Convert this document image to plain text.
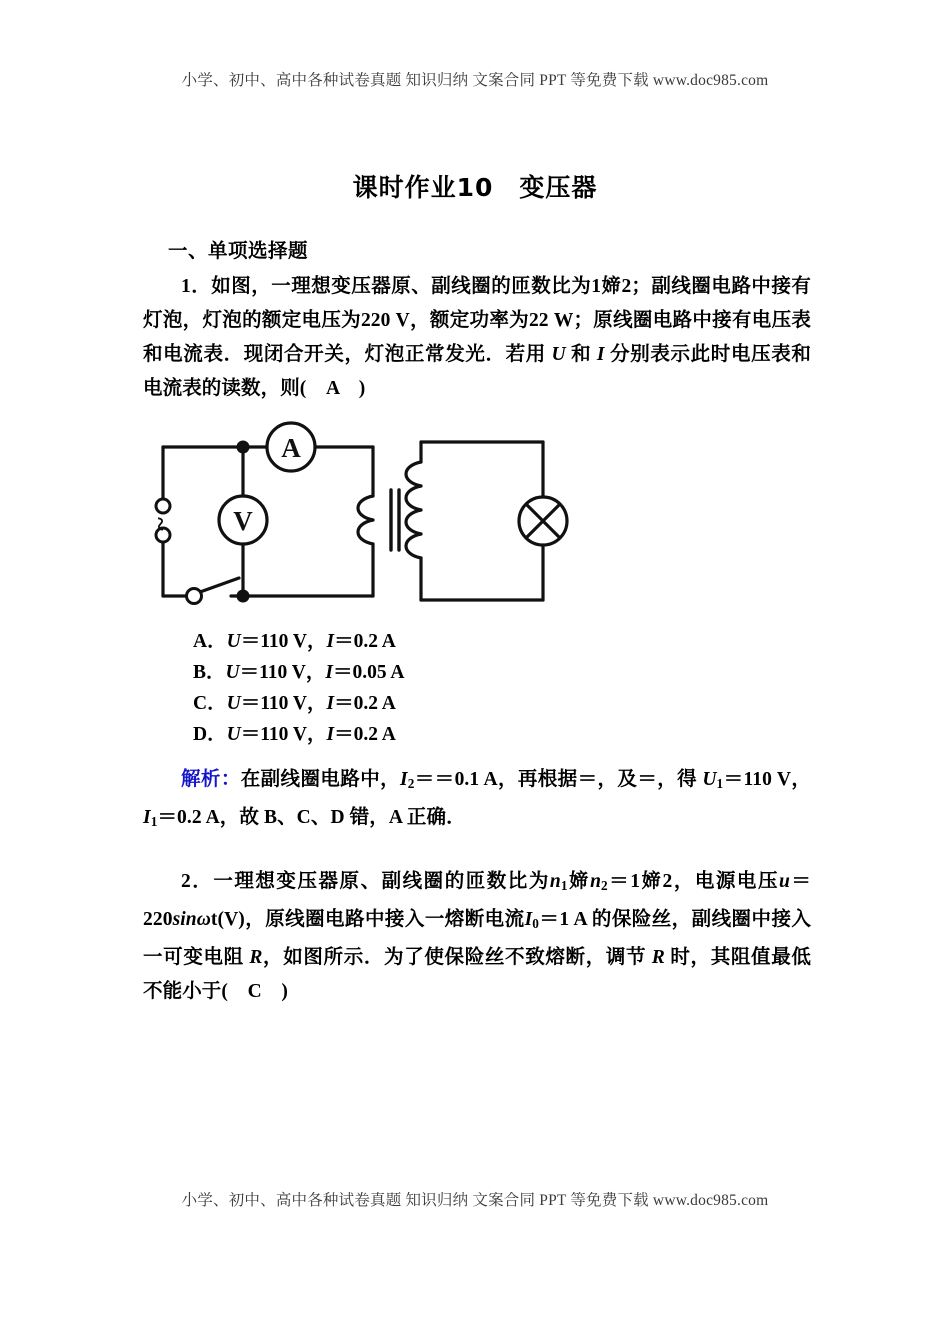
小学、初中、高中各种试卷真题 知识归纳 文案合同 PPT 等免费下载 www.doc985.com
课时作业10　变压器
一、单项选择题

1．如图，一理想变压器原、副线圈的匝数比为1媂2；副线圈电路中接有灯泡，灯泡的额定电压为220 V，额定功率为22 W；原线圈电路中接有电压表和电流表．现闭合开关，灯泡正常发光．若用 U 和 I 分别表示此时电压表和电流表的读数，则(　A　)

A
V
~

A．U＝110 V，I＝0.2 A

B．U＝110 V，I＝0.05 A

C．U＝110 V，I＝0.2 A

D．U＝110 V，I＝0.2 A

解析：在副线圈电路中，$I_2==0.1$ A，再根据＝，及＝，得 $U_1=110$ V，$I_1=0.2$ A，故 B、C、D 错，A 正确．

2．一理想变压器原、副线圈的匝数比为$n_1$媂$n_2=1$媂2，电源电压u＝220sinωt(V)，原线圈电路中接入一熔断电流$I_0=1$ A 的保险丝，副线圈中接入一可变电阻 R，如图所示．为了使保险丝不致熔断，调节 R 时，其阻值最低不能小于(　C　)

小学、初中、高中各种试卷真题 知识归纳 文案合同 PPT 等免费下载 www.doc985.com
